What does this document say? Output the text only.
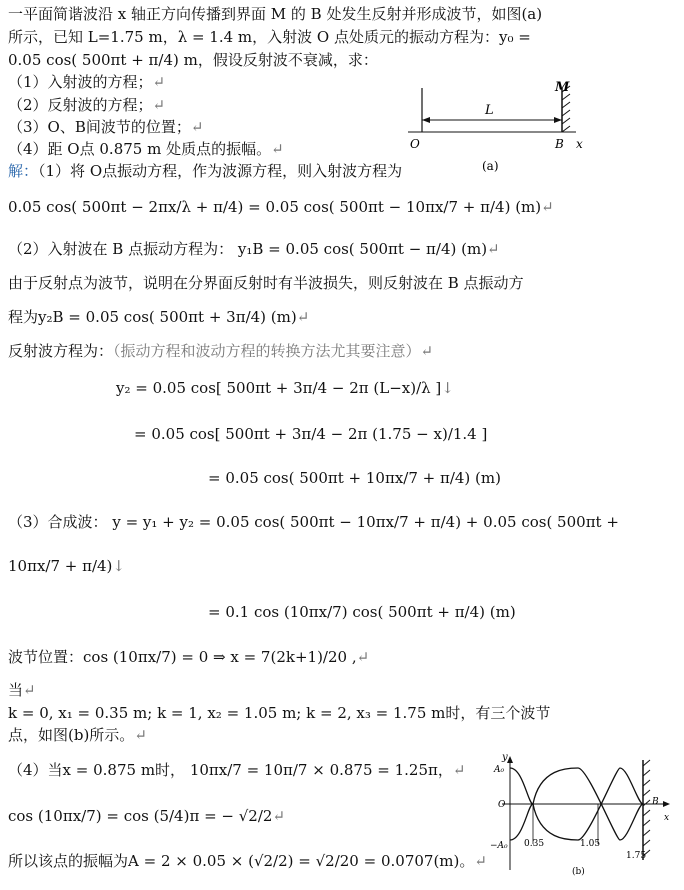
一平面简谐波沿 x 轴正方向传播到界面 M 的 B 处发生反射并形成波节，如图(a)
所示，已知 L=1.75 m，λ = 1.4 m，入射波 O 点处质元的振动方程为：y₀ =
0.05 cos( 500πt + π/4) m，假设反射波不衰减，求：
（1）入射波的方程；↵
（2）反射波的方程；↵
（3）O、B间波节的位置；↵
（4）距 O点 0.875 m 处质点的振幅。↵
M
L
O	B x
(a)
解：（1）将 O点振动方程，作为波源方程，则入射波方程为
0.05 cos( 500πt − 2πx/λ + π/4) = 0.05 cos( 500πt − 10πx/7 + π/4) (m)↵
（2）入射波在 B 点振动方程为： y₁B = 0.05 cos( 500πt − π/4) (m)↵
由于反射点为波节，说明在分界面反射时有半波损失，则反射波在 B 点振动方
程为y₂B = 0.05 cos( 500πt + 3π/4) (m)↵
反射波方程为：（振动方程和波动方程的转换方法尤其要注意）↵
y₂ = 0.05 cos[ 500πt + 3π/4 − 2π (L−x)/λ ]↓
= 0.05 cos[ 500πt + 3π/4 − 2π (1.75 − x)/1.4 ]
= 0.05 cos( 500πt + 10πx/7 + π/4) (m)
（3）合成波： y = y₁ + y₂ = 0.05 cos( 500πt − 10πx/7 + π/4) + 0.05 cos( 500πt +
10πx/7 + π/4)↓
= 0.1 cos (10πx/7) cos( 500πt + π/4) (m)
波节位置：cos (10πx/7) = 0 ⇒ x = 7(2k+1)/20 ,↵
当↵
k = 0, x₁ = 0.35 m; k = 1, x₂ = 1.05 m; k = 2, x₃ = 1.75 m时，有三个波节
点，如图(b)所示。↵
（4）当x = 0.875 m时， 10πx/7 = 10π/7 × 0.875 = 1.25π，↵
cos (10πx/7) = cos (5/4)π = − √2/2↵
所以该点的振幅为A = 2 × 0.05 × (√2/2) = √2/20 = 0.0707(m)。↵
y
A₀
O
−A₀
B
x
0.35	1.05
1.75
(b)
